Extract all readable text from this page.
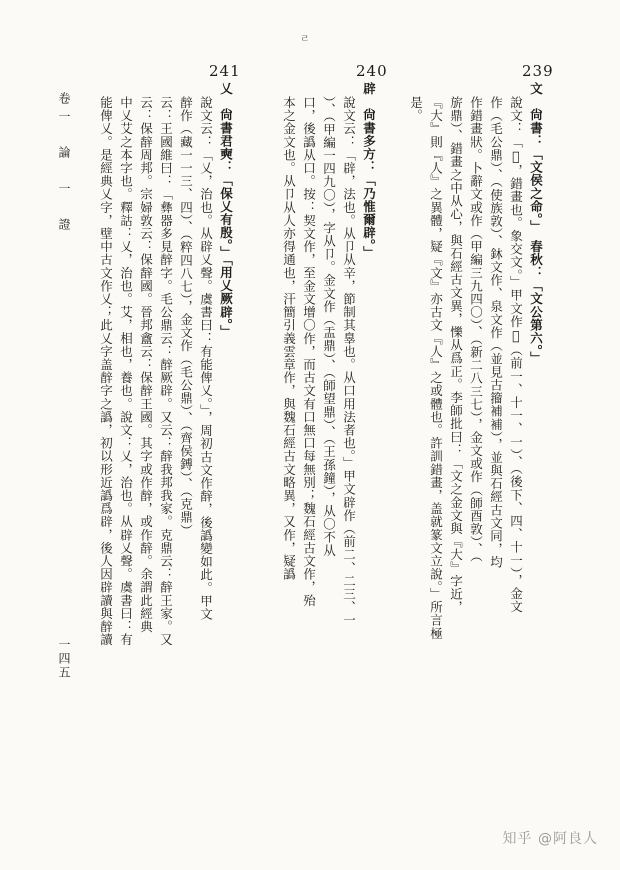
ㄹ
241	240	239
文　尙書：「文侯之命。」　春秋：「文公第六。」
說文：「𠅀，錯畫也。象交文。」甲文作𠅀（前一、十一、一）、（後下、四、十一），金文
作（毛公鼎）、（使族敦）、鈢文作、泉文作（並見古籀補補），並與石經古文同，均
作錯畫狀。卜辭文或作（甲編三九四〇）、（新二八三七），金文或作（師酉敦）、（
旂鼎）、錯畫之中从心，與石經古文異，㦡从爲正。李師批曰：「文之金文與『大』字近，
『大』則『人』之異體，疑『文』亦古文『人』之或體也。許訓錯畫，盖就篆文立說。」所言極
是。
辟　尙書多方：「乃惟爾辟。」
說文云：「辟，法也。从卩从辛，節制其辠也。从口用法者也。」甲文辟作（前二、二三、一
）、（甲編一四九〇），字从卩。金文作（盂鼎）、（師望鼎）、（王孫鐘），从〇不从
口，後譌从口。按：契文作，至金文增〇作，而古文有口無口每無別；魏石經古文作，殆
本之金文也。从卩从人亦得通也，汗簡引義雲章作，與魏石經古文略異，又作，疑譌
乂　尙書君奭：「保乂有殷。」「用乂厥辟。」
說文云：「乂，治也。从辟乂聲。虞書曰：有能俾乂。」，周初古文作辪，後譌變如此。甲文
辪作（藏一一三、四）、（粹四八七），金文作（毛公鼎）、（齊侯鎛）、（克鼎）
云：王國維曰：「彝器多見辪字。毛公鼎云：辪厥辟。又云：辪我邦我家。克鼎云：辪王家。又
云：保辪周邦。宗婦敦云：保辪國。晉邦盦云：保辪王國。其字或作辪，或作辪。余謂此經典
中乂艾之本字也。釋詁：乂，治也。艾，相也，養也。說文：乂，治也。从辟乂聲。虞書曰：有
能俾乂。是經典乂字，壁中古文作乂；此乂字盖辪字之譌，初以形近譌爲辟，後人因辟讀與辪讀
卷一　論　一　證
一四五
知乎 @阿良人
